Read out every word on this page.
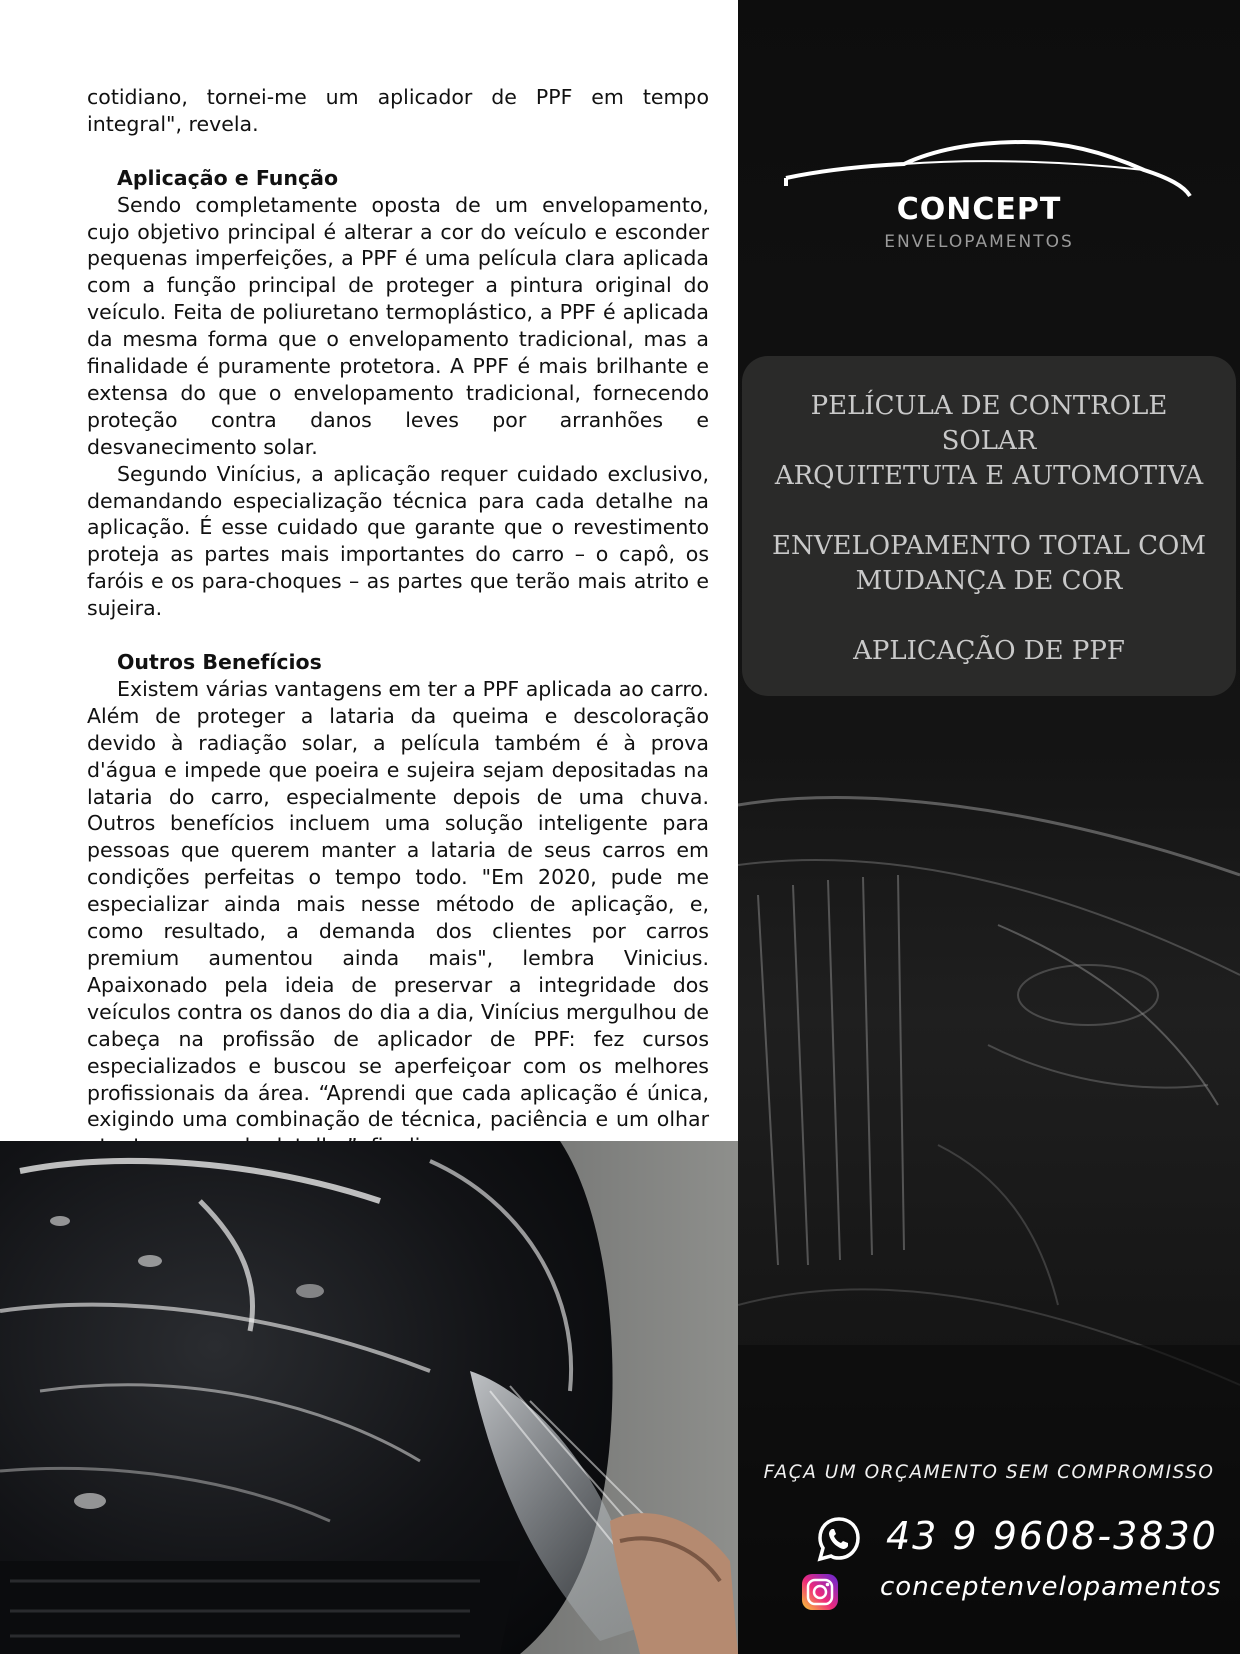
cotidiano, tornei-me um aplicador de PPF em tempo integral", revela.

Aplicação e Função

Sendo completamente oposta de um envelopamento, cujo objetivo principal é alterar a cor do veículo e esconder pequenas imperfeições, a PPF é uma película clara aplicada com a função principal de proteger a pintura original do veículo. Feita de poliuretano termoplástico, a PPF é aplicada da mesma forma que o envelopamento tradicional, mas a finalidade é puramente protetora. A PPF é mais brilhante e extensa do que o envelopamento tradicional, fornecendo proteção contra danos leves por arranhões e desvanecimento solar.

Segundo Vinícius, a aplicação requer cuidado exclusivo, demandando especialização técnica para cada detalhe na aplicação. É esse cuidado que garante que o revestimento proteja as partes mais importantes do carro – o capô, os faróis e os para-choques – as partes que terão mais atrito e sujeira.

Outros Benefícios

Existem várias vantagens em ter a PPF aplicada ao carro. Além de proteger a lataria da queima e descoloração devido à radiação solar, a película também é à prova d'água e impede que poeira e sujeira sejam depositadas na lataria do carro, especialmente depois de uma chuva. Outros benefícios incluem uma solução inteligente para pessoas que querem manter a lataria de seus carros em condições perfeitas o tempo todo. "Em 2020, pude me especializar ainda mais nesse método de aplicação, e, como resultado, a demanda dos clientes por carros premium aumentou ainda mais", lembra Vinicius. Apaixonado pela ideia de preservar a integridade dos veículos contra os danos do dia a dia, Vinícius mergulhou de cabeça na profissão de aplicador de PPF: fez cursos especializados e buscou se aperfeiçoar com os melhores profissionais da área. “Aprendi que cada aplicação é única, exigindo uma combinação de técnica, paciência e um olhar

CONCEPT
ENVELOPAMENTOS

PELÍCULA DE CONTROLE

SOLAR

ARQUITETUTA E AUTOMOTIVA

ENVELOPAMENTO TOTAL COM

MUDANÇA DE COR

APLICAÇÃO DE PPF

FAÇA UM ORÇAMENTO SEM COMPROMISSO
43 9 9608-3830
conceptenvelopamentos
